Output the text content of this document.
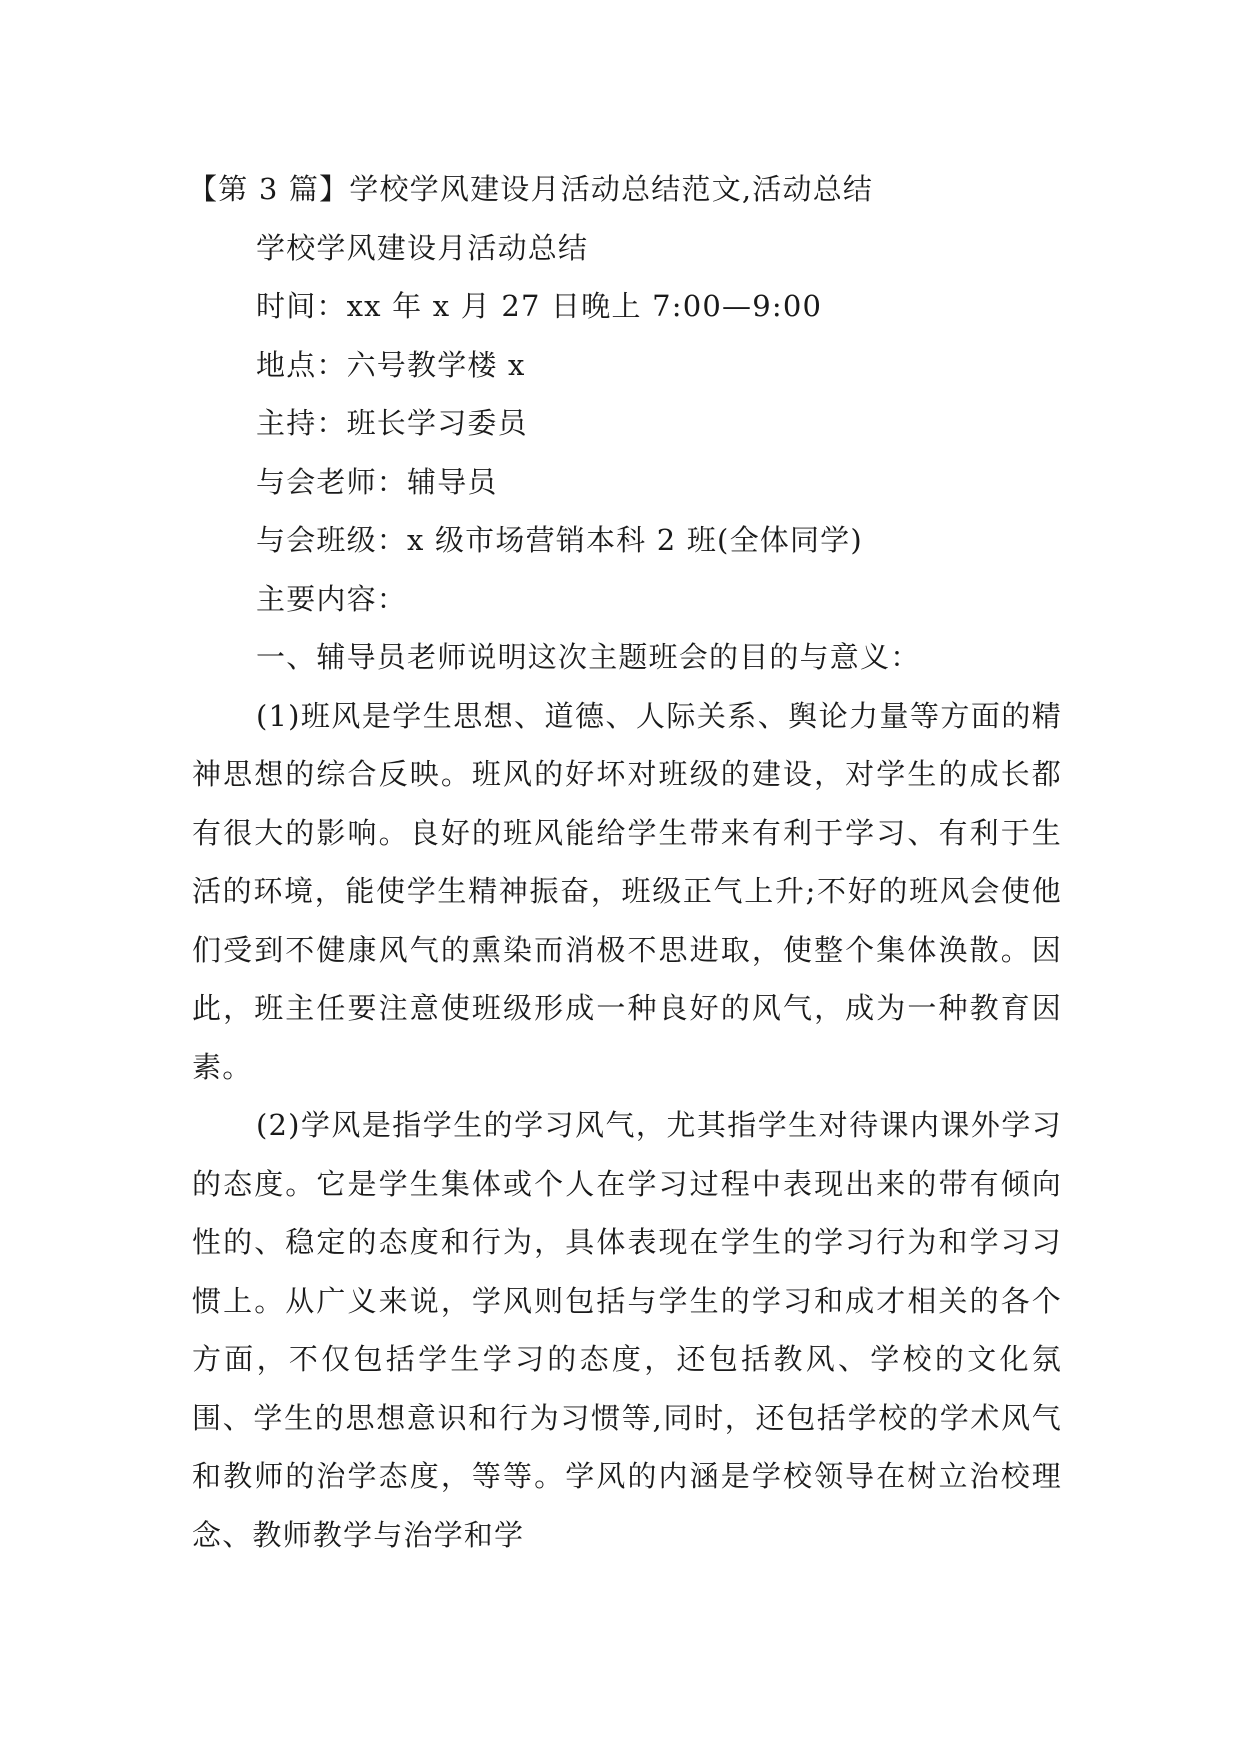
【第 3 篇】学校学风建设月活动总结范文,活动总结
学校学风建设月活动总结
时间：xx 年 x 月 27 日晚上 7:00—9:00
地点：六号教学楼 x
主持：班长学习委员
与会老师：辅导员
与会班级：x 级市场营销本科 2 班(全体同学)
主要内容：
一、辅导员老师说明这次主题班会的目的与意义：

(1)班风是学生思想、道德、人际关系、舆论力量等方面的精神思想的综合反映。班风的好坏对班级的建设，对学生的成长都有很大的影响。良好的班风能给学生带来有利于学习、有利于生活的环境，能使学生精神振奋，班级正气上升;不好的班风会使他们受到不健康风气的熏染而消极不思进取，使整个集体涣散。因此，班主任要注意使班级形成一种良好的风气，成为一种教育因素。

(2)学风是指学生的学习风气，尤其指学生对待课内课外学习的态度。它是学生集体或个人在学习过程中表现出来的带有倾向性的、稳定的态度和行为，具体表现在学生的学习行为和学习习惯上。从广义来说，学风则包括与学生的学习和成才相关的各个方面，不仅包括学生学习的态度，还包括教风、学校的文化氛围、学生的思想意识和行为习惯等,同时，还包括学校的学术风气和教师的治学态度，等等。学风的内涵是学校领导在树立治校理念、教师教学与治学和学
